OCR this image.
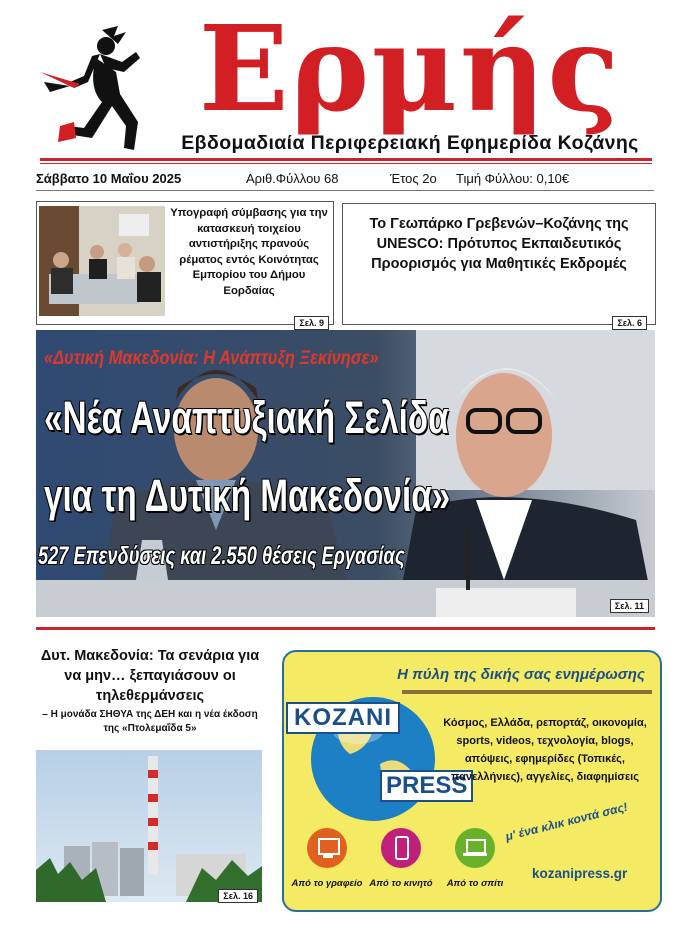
Ερμής
Εβδομαδιαία Περιφερειακή Εφημερίδα Κοζάνης
Σάββατο 10 Μαΐου 2025	Αριθ.Φύλλου 68	Έτος 2ο Τιμή Φύλλου: 0,10€
Υπογραφή σύμβασης για την κατασκευή τοιχείου αντιστήριξης πρανούς ρέματος εντός Κοινότητας Εμπορίου του Δήμου Εορδαίας
Σελ. 9
Το Γεωπάρκο Γρεβενών–Κοζάνης της UNESCO: Πρότυπος Εκπαιδευτικός Προορισμός για Μαθητικές Εκδρομές
Σελ. 6
«Δυτική Μακεδονία: Η Ανάπτυξη Ξεκίνησε»
«Νέα Αναπτυξιακή Σελίδα
για τη Δυτική Μακεδονία»
527 Επενδύσεις και 2.550 θέσεις Εργασίας
Σελ. 11
Δυτ. Μακεδονία: Τα σενάρια για να μην… ξεπαγιάσουν οι τηλεθερμάνσεις
– Η μονάδα ΣΗΘΥΑ της ΔΕΗ και η νέα έκδοση της «Πτολεμαΐδα 5»
Σελ. 16
Η πύλη της δικής σας ενημέρωσης
KOZANI
PRESS
Κόσμος, Ελλάδα, ρεπορτάζ, οικονομία, sports, videos, τεχνολογία, blogs, απόψεις, εφημερίδες (Τοπικές, πανελλήνιες), αγγελίες, διαφημίσεις
μ' ένα κλικ κοντά σας!
kozanipress.gr
Από το γραφείο Από το κινητό	Από το σπίτι
